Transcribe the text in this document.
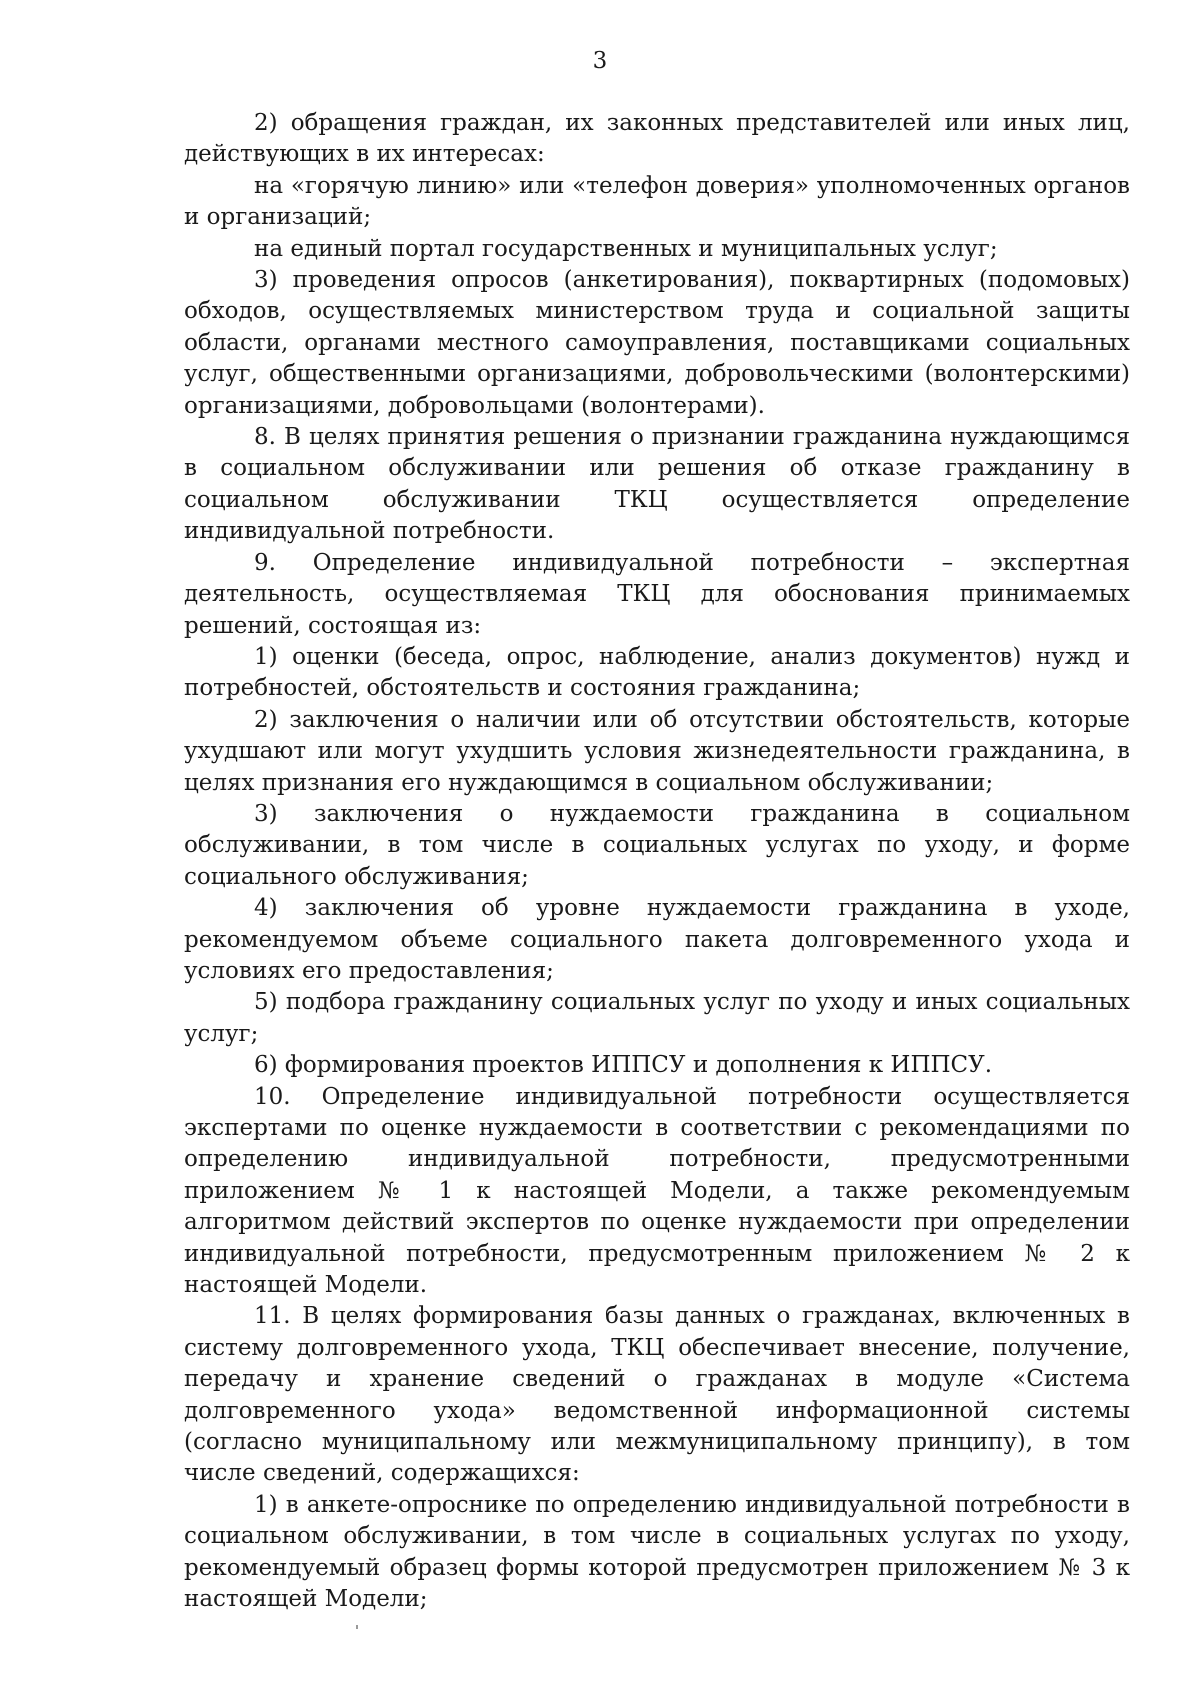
3

2) обращения граждан, их законных представителей или иных лиц, действующих в их интересах:

на «горячую линию» или «телефон доверия» уполномоченных органов и организаций;

на единый портал государственных и муниципальных услуг;

3) проведения опросов (анкетирования), поквартирных (подомовых) обходов, осуществляемых министерством труда и социальной защиты области, органами местного самоуправления, поставщиками социальных услуг, общественными организациями, добровольческими (волонтерскими) организациями, добровольцами (волонтерами).

8. В целях принятия решения о признании гражданина нуждающимся в социальном обслуживании или решения об отказе гражданину в социальном обслуживании ТКЦ осуществляется определение индивидуальной потребности.

9. Определение индивидуальной потребности – экспертная деятельность, осуществляемая ТКЦ для обоснования принимаемых решений, состоящая из:

1) оценки (беседа, опрос, наблюдение, анализ документов) нужд и потребностей, обстоятельств и состояния гражданина;

2) заключения о наличии или об отсутствии обстоятельств, которые ухудшают или могут ухудшить условия жизнедеятельности гражданина, в целях признания его нуждающимся в социальном обслуживании;

3) заключения о нуждаемости гражданина в социальном обслуживании, в том числе в социальных услугах по уходу, и форме социального обслуживания;

4) заключения об уровне нуждаемости гражданина в уходе, рекомендуемом объеме социального пакета долговременного ухода и условиях его предоставления;

5) подбора гражданину социальных услуг по уходу и иных социальных услуг;

6) формирования проектов ИППСУ и дополнения к ИППСУ.

10. Определение индивидуальной потребности осуществляется экспертами по оценке нуждаемости в соответствии с рекомендациями по определению индивидуальной потребности, предусмотренными приложением № 1 к настоящей Модели, а также рекомендуемым алгоритмом действий экспертов по оценке нуждаемости при определении индивидуальной потребности, предусмотренным приложением № 2 к настоящей Модели.

11. В целях формирования базы данных о гражданах, включенных в систему долговременного ухода, ТКЦ обеспечивает внесение, получение, передачу и хранение сведений о гражданах в модуле «Система долговременного ухода» ведомственной информационной системы (согласно муниципальному или межмуниципальному принципу), в том числе сведений, содержащихся:

1) в анкете-опроснике по определению индивидуальной потребности в социальном обслуживании, в том числе в социальных услугах по уходу, рекомендуемый образец формы которой предусмотрен приложением № 3 к настоящей Модели;
